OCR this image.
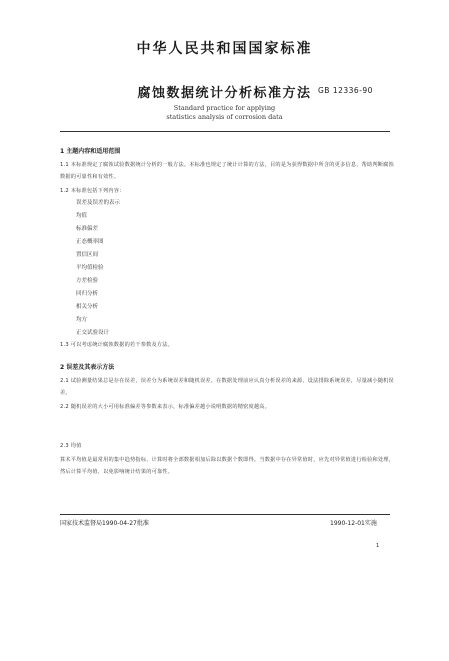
中华人民共和国国家标准
腐蚀数据统计分析标准方法 GB 12336-90
Standard practice for applying
statistics analysis of corrosion data
1 主题内容和适用范围
1.1 本标准规定了腐蚀试验数据统计分析的一般方法。本标准也规定了统计计算的方法，目的是为获得数据中所含的更多信息，帮助判断腐蚀数据的可靠性和有效性。
1.2 本标准包括下列内容：
误差及误差的表示
均值
标准偏差
正态概率图
置信区间
平均值检验
方差检验
回归分析
相关分析
均方
正交试验设计
1.3 可以考虑统计腐蚀数据的若干参数及方法。
2 误差及其表示方法
2.1 试验测量结果总是存在误差，误差分为系统误差和随机误差。在数据处理前应认真分析误差的来源，设法排除系统误差，尽量减小随机误差。
2.2 随机误差的大小可用标准偏差等参数来表示，标准偏差越小说明数据的精密度越高。
2.3 均值
算术平均值是最常用的集中趋势指标，计算时将全部数据相加后除以数据个数即得。当数据中存在异常值时，应先对异常值进行检验和处理，然后计算平均值，以免影响统计结果的可靠性。
国家技术监督局1990-04-27批准	1990-12-01实施
1
